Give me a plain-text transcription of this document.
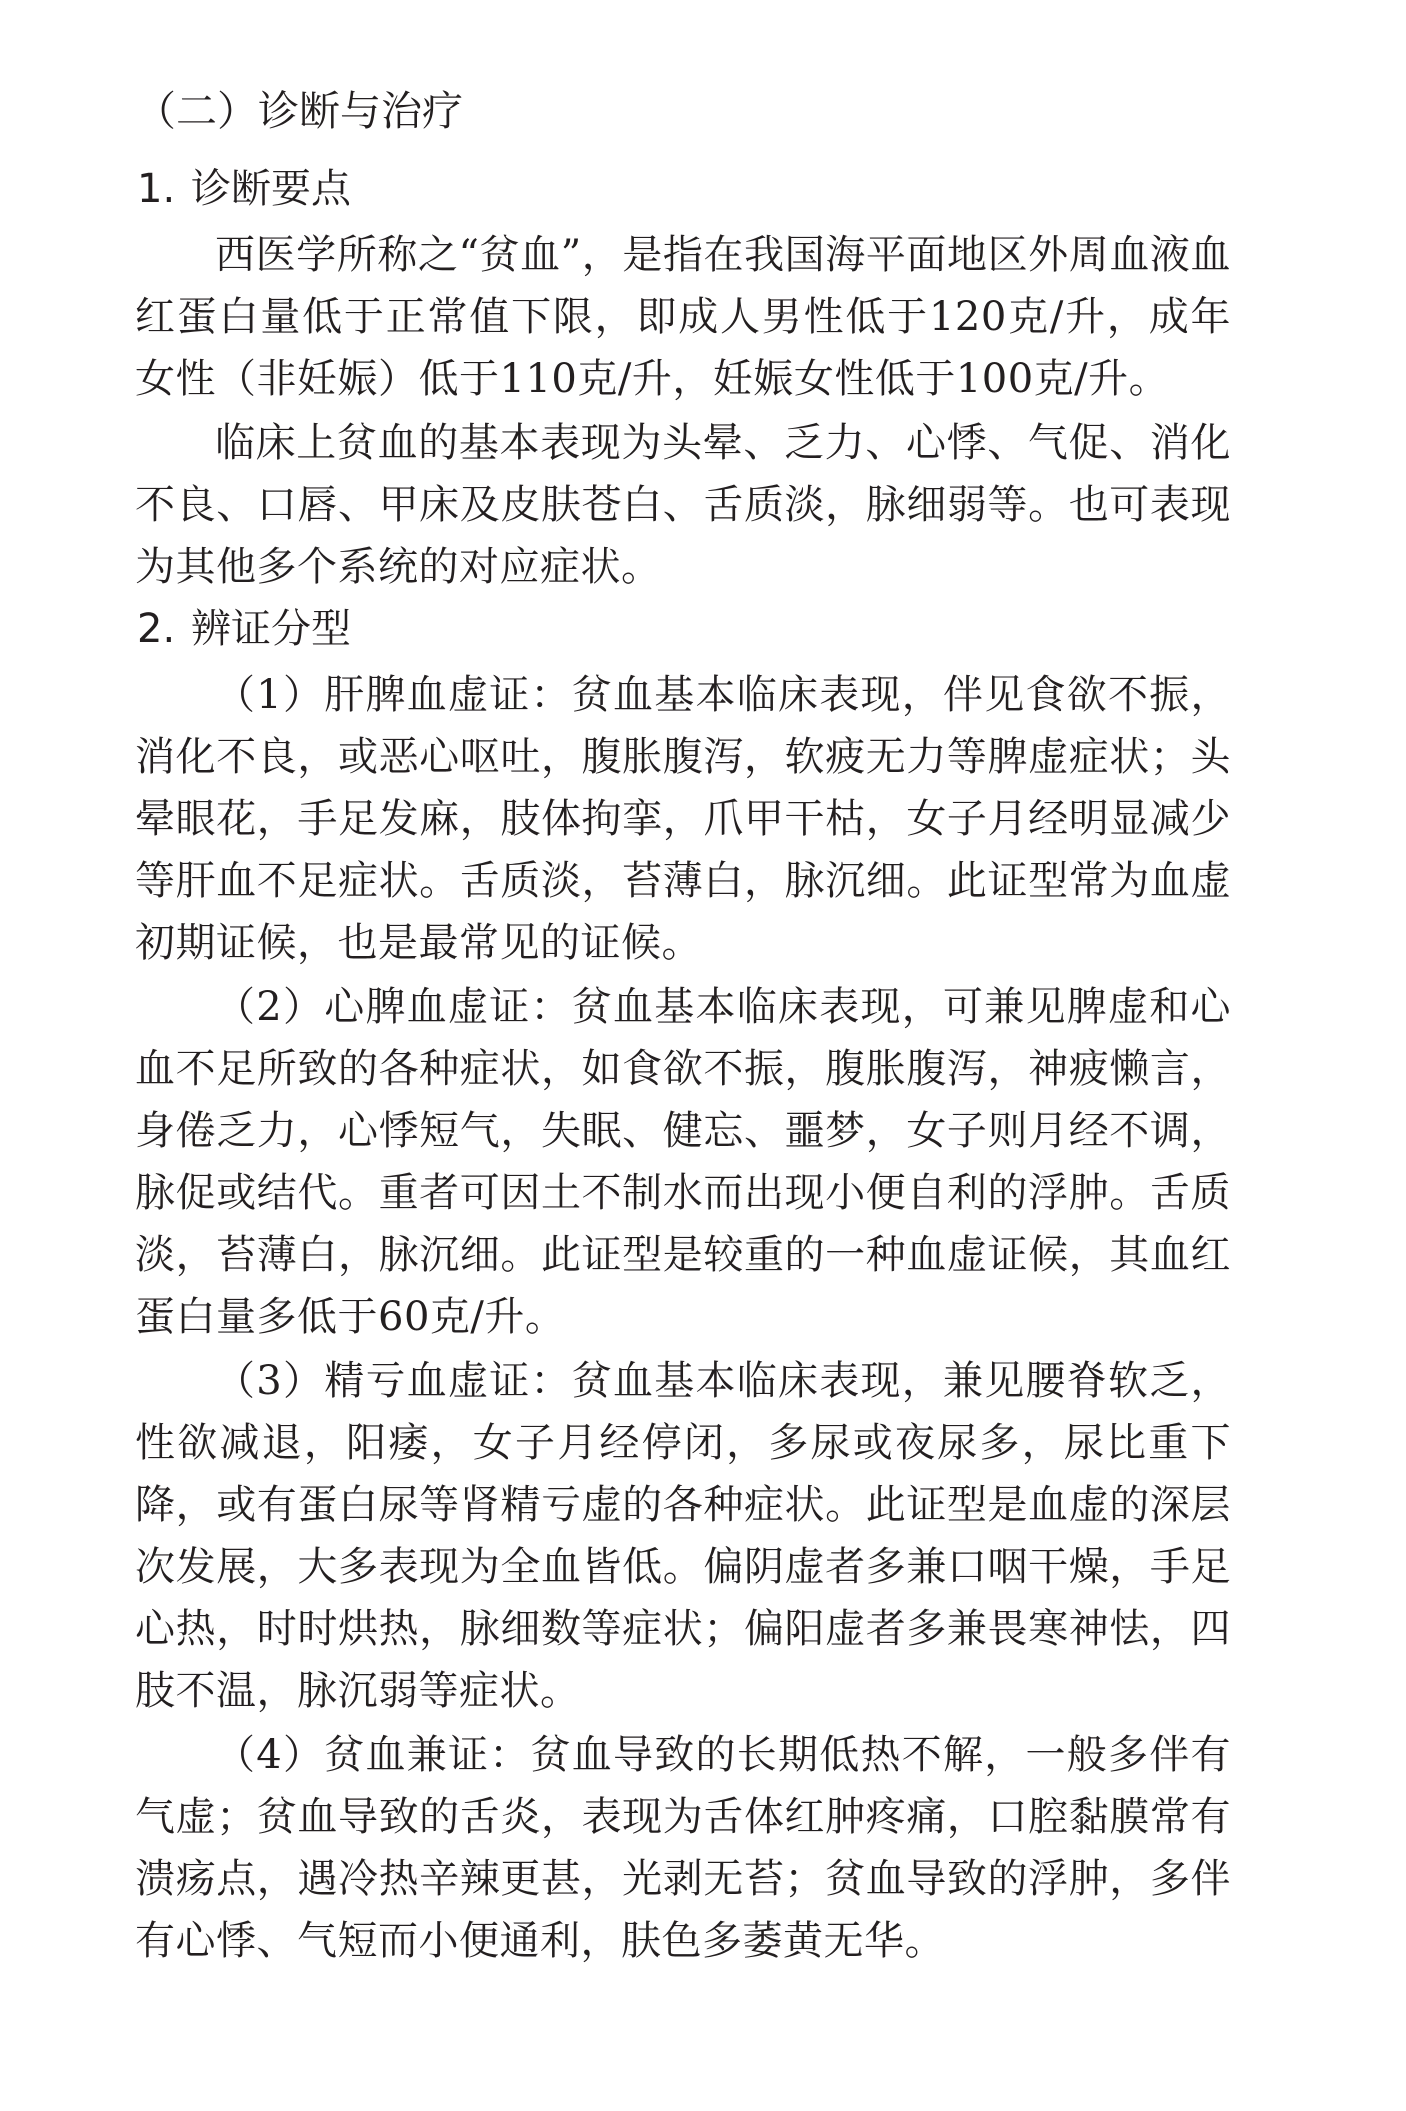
（二）诊断与治疗
1. 诊断要点

西医学所称之“贫血”，是指在我国海平面地区外周血液血红蛋白量低于正常值下限，即成人男性低于120克/升，成年女性（非妊娠）低于110克/升，妊娠女性低于100克/升。

临床上贫血的基本表现为头晕、乏力、心悸、气促、消化不良、口唇、甲床及皮肤苍白、舌质淡，脉细弱等。也可表现为其他多个系统的对应症状。

2. 辨证分型

（1）肝脾血虚证：贫血基本临床表现，伴见食欲不振，消化不良，或恶心呕吐，腹胀腹泻，软疲无力等脾虚症状；头晕眼花，手足发麻，肢体拘挛，爪甲干枯，女子月经明显减少等肝血不足症状。舌质淡，苔薄白，脉沉细。此证型常为血虚初期证候，也是最常见的证候。

（2）心脾血虚证：贫血基本临床表现，可兼见脾虚和心血不足所致的各种症状，如食欲不振，腹胀腹泻，神疲懒言，身倦乏力，心悸短气，失眠、健忘、噩梦，女子则月经不调，脉促或结代。重者可因土不制水而出现小便自利的浮肿。舌质淡，苔薄白，脉沉细。此证型是较重的一种血虚证候，其血红蛋白量多低于60克/升。

（3）精亏血虚证：贫血基本临床表现，兼见腰脊软乏，性欲减退，阳痿，女子月经停闭，多尿或夜尿多，尿比重下降，或有蛋白尿等肾精亏虚的各种症状。此证型是血虚的深层次发展，大多表现为全血皆低。偏阴虚者多兼口咽干燥，手足心热，时时烘热，脉细数等症状；偏阳虚者多兼畏寒神怯，四肢不温，脉沉弱等症状。

（4）贫血兼证：贫血导致的长期低热不解，一般多伴有气虚；贫血导致的舌炎，表现为舌体红肿疼痛，口腔黏膜常有溃疡点，遇冷热辛辣更甚，光剥无苔；贫血导致的浮肿，多伴有心悸、气短而小便通利，肤色多萎黄无华。
